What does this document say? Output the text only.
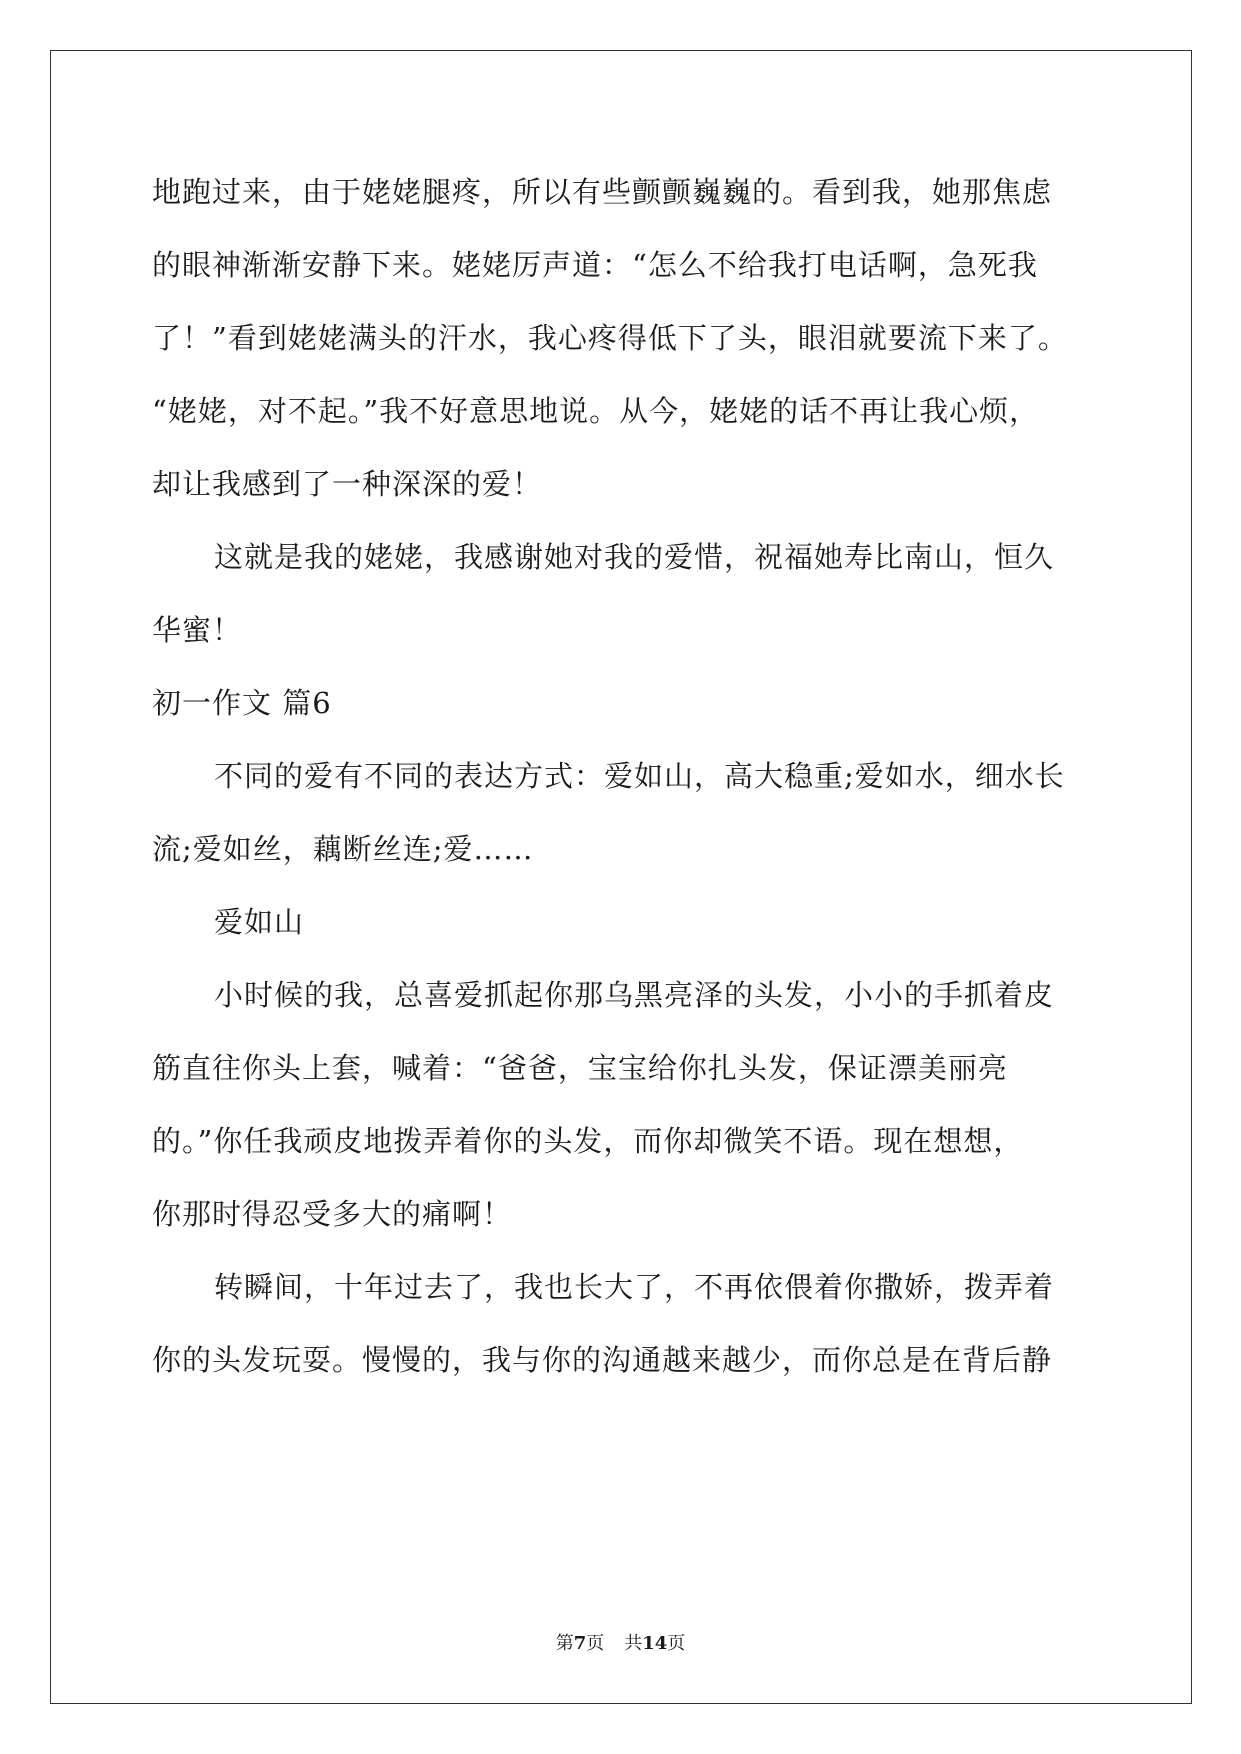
地跑过来，由于姥姥腿疼，所以有些颤颤巍巍的。看到我，她那焦虑
的眼神渐渐安静下来。姥姥厉声道：“怎么不给我打电话啊，急死我
了！”看到姥姥满头的汗水，我心疼得低下了头，眼泪就要流下来了。
“姥姥，对不起。”我不好意思地说。从今，姥姥的话不再让我心烦，
却让我感到了一种深深的爱！
这就是我的姥姥，我感谢她对我的爱惜，祝福她寿比南山，恒久
华蜜！
初一作文 篇6
不同的爱有不同的表达方式：爱如山，高大稳重;爱如水，细水长
流;爱如丝，藕断丝连;爱……
爱如山
小时候的我，总喜爱抓起你那乌黑亮泽的头发，小小的手抓着皮
筋直往你头上套，喊着：“爸爸，宝宝给你扎头发，保证漂美丽亮
的。”你任我顽皮地拨弄着你的头发，而你却微笑不语。现在想想，
你那时得忍受多大的痛啊！
转瞬间，十年过去了，我也长大了，不再依偎着你撒娇，拨弄着
你的头发玩耍。慢慢的，我与你的沟通越来越少，而你总是在背后静
第7页 共14页
